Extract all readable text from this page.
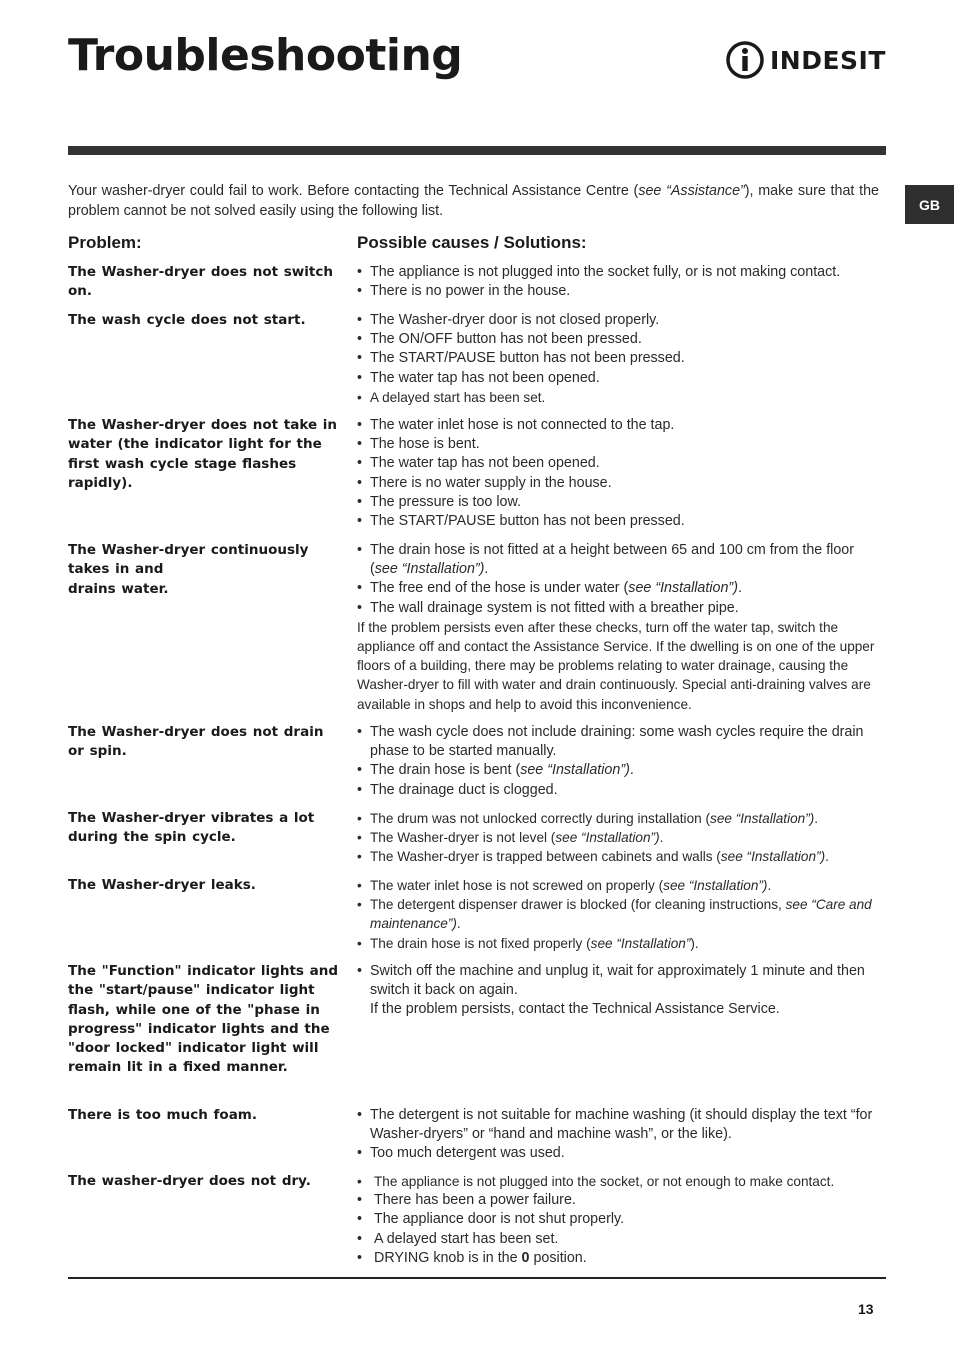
Troubleshooting	INDESIT
GB

Your washer-dryer could fail to work. Before contacting the Technical Assistance Centre (see “Assistance”), make sure that the problem cannot be not solved easily using the following list.

Problem:	Possible causes / Solutions:
The Washer-dryer does not switch on.
• The appliance is not plugged into the socket fully, or is not making contact.
• There is no power in the house.
The wash cycle does not start.	• The Washer-dryer door is not closed properly.
• The ON/OFF button has not been pressed.
• The START/PAUSE button has not been pressed.
• The water tap has not been opened.
• A delayed start has been set.
The Washer-dryer does not take in water (the indicator light for the first wash cycle stage flashes rapidly).
• The water inlet hose is not connected to the tap.
• The hose is bent.
• The water tap has not been opened.
• There is no water supply in the house.
• The pressure is too low.
• The START/PAUSE button has not been pressed.
The Washer-dryer continuously takes in and
drains water.
• The drain hose is not fitted at a height between 65 and 100 cm from the floor (see “Installation”).
• The free end of the hose is under water (see “Installation”).
• The wall drainage system is not fitted with a breather pipe.

If the problem persists even after these checks, turn off the water tap, switch the appliance off and contact the Assistance Service. If the dwelling is on one of the upper floors of a building, there may be problems relating to water drainage, causing the Washer-dryer to fill with water and drain continuously. Special anti-draining valves are available in shops and help to avoid this inconvenience.

The Washer-dryer does not drain or spin.
• The wash cycle does not include draining: some wash cycles require the drain phase to be started manually.
• The drain hose is bent (see “Installation”).
• The drainage duct is clogged.
The Washer-dryer vibrates a lot during the spin cycle.
• The drum was not unlocked correctly during installation (see “Installation”).
• The Washer-dryer is not level (see “Installation”).
• The Washer-dryer is trapped between cabinets and walls (see “Installation”).
The Washer-dryer leaks.	• The water inlet hose is not screwed on properly (see “Installation”).
• The detergent dispenser drawer is blocked (for cleaning instructions, see “Care and maintenance”).
• The drain hose is not fixed properly (see “Installation”).
The "Function" indicator lights and the "start/pause" indicator light flash, while one of the "phase in progress" indicator lights and the "door locked" indicator light will remain lit in a fixed manner.
• Switch off the machine and unplug it, wait for approximately 1 minute and then switch it back on again.

If the problem persists, contact the Technical Assistance Service.

There is too much foam.	• The detergent is not suitable for machine washing (it should display the text “for Washer-dryers” or “hand and machine wash”, or the like).
• Too much detergent was used.
The washer-dryer does not dry.	• The appliance is not plugged into the socket, or not enough to make contact.
• There has been a power failure.
• The appliance door is not shut properly.
• A delayed start has been set.
• DRYING knob is in the 0 position.
13
